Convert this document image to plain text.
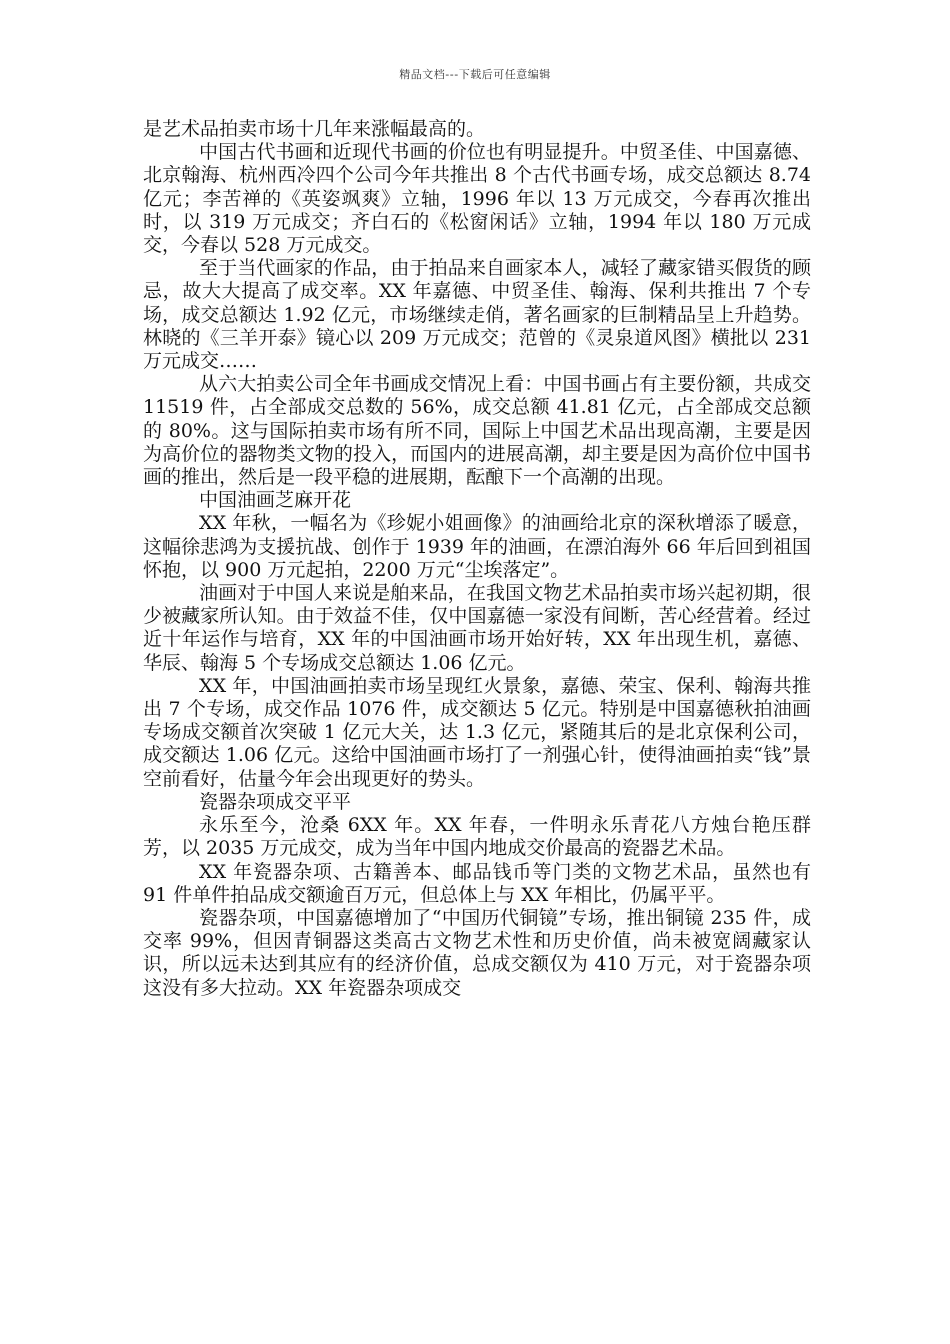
精品文档---下载后可任意编辑

是艺术品拍卖市场十几年来涨幅最高的。

中国古代书画和近现代书画的价位也有明显提升。中贸圣佳、中国嘉德、北京翰海、杭州西冷四个公司今年共推出 8 个古代书画专场，成交总额达 8.74 亿元；李苦禅的《英姿飒爽》立轴，1996 年以 13 万元成交，今春再次推出时，以 319 万元成交；齐白石的《松窗闲话》立轴，1994 年以 180 万元成交，今春以 528 万元成交。

至于当代画家的作品，由于拍品来自画家本人，减轻了藏家错买假货的顾忌，故大大提高了成交率。XX 年嘉德、中贸圣佳、翰海、保利共推出 7 个专场，成交总额达 1.92 亿元，市场继续走俏，著名画家的巨制精品呈上升趋势。林晓的《三羊开泰》镜心以 209 万元成交；范曾的《灵泉道风图》横批以 231 万元成交……

从六大拍卖公司全年书画成交情况上看：中国书画占有主要份额，共成交 11519 件，占全部成交总数的 56%，成交总额 41.81 亿元，占全部成交总额的 80%。这与国际拍卖市场有所不同，国际上中国艺术品出现高潮，主要是因为高价位的器物类文物的投入，而国内的进展高潮，却主要是因为高价位中国书画的推出，然后是一段平稳的进展期，酝酿下一个高潮的出现。

中国油画芝麻开花

XX 年秋，一幅名为《珍妮小姐画像》的油画给北京的深秋增添了暖意，这幅徐悲鸿为支援抗战、创作于 1939 年的油画，在漂泊海外 66 年后回到祖国怀抱，以 900 万元起拍，2200 万元“尘埃落定”。

油画对于中国人来说是舶来品，在我国文物艺术品拍卖市场兴起初期，很少被藏家所认知。由于效益不佳，仅中国嘉德一家没有间断，苦心经营着。经过近十年运作与培育，XX 年的中国油画市场开始好转，XX 年出现生机，嘉德、华辰、翰海 5 个专场成交总额达 1.06 亿元。

XX 年，中国油画拍卖市场呈现红火景象，嘉德、荣宝、保利、翰海共推出 7 个专场，成交作品 1076 件，成交额达 5 亿元。特别是中国嘉德秋拍油画专场成交额首次突破 1 亿元大关，达 1.3 亿元，紧随其后的是北京保利公司，成交额达 1.06 亿元。这给中国油画市场打了一剂强心针，使得油画拍卖“钱”景空前看好，估量今年会出现更好的势头。

瓷器杂项成交平平

永乐至今，沧桑 6XX 年。XX 年春，一件明永乐青花八方烛台艳压群芳，以 2035 万元成交，成为当年中国内地成交价最高的瓷器艺术品。

XX 年瓷器杂项、古籍善本、邮品钱币等门类的文物艺术品，虽然也有 91 件单件拍品成交额逾百万元，但总体上与 XX 年相比，仍属平平。

瓷器杂项，中国嘉德增加了“中国历代铜镜”专场，推出铜镜 235 件，成交率 99%，但因青铜器这类高古文物艺术性和历史价值，尚未被宽阔藏家认识，所以远未达到其应有的经济价值，总成交额仅为 410 万元，对于瓷器杂项这没有多大拉动。XX 年瓷器杂项成交
